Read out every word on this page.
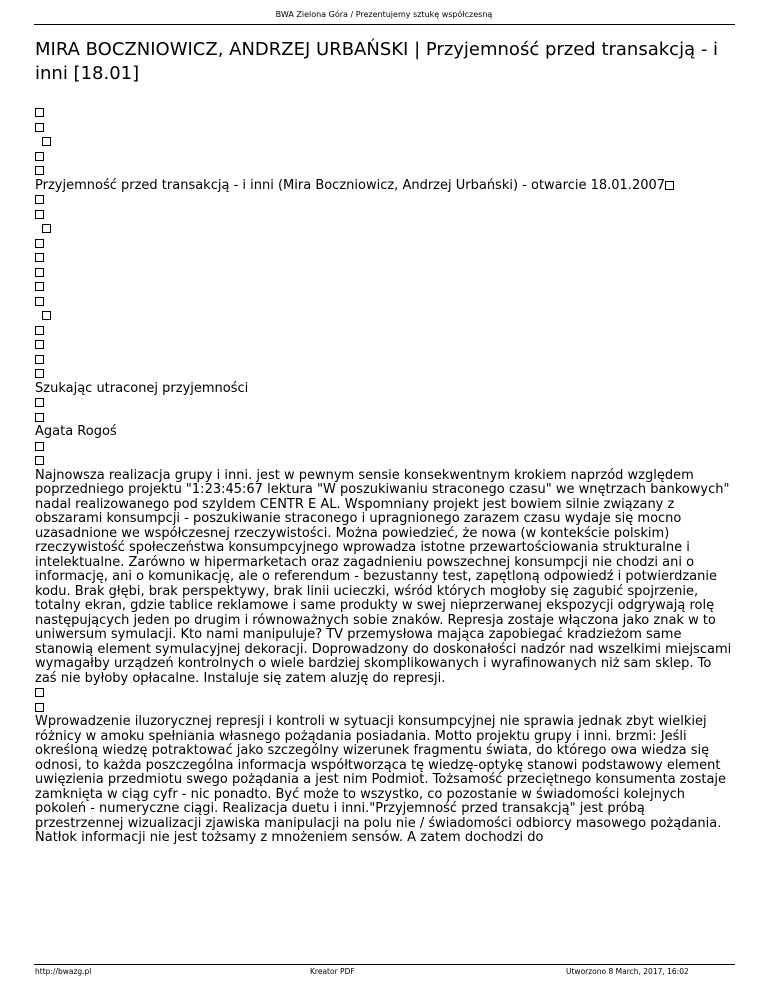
BWA Zielona Góra / Prezentujemy sztukę współczesną
MIRA BOCZNIOWICZ, ANDRZEJ URBAŃSKI | Przyjemność przed transakcją - i inni [18.01]
Przyjemność przed transakcją - i inni (Mira Boczniowicz, Andrzej Urbański) - otwarcie 18.01.2007
Szukając utraconej przyjemności
Agata Rogoś
Najnowsza realizacja grupy i inni. jest w pewnym sensie konsekwentnym krokiem naprzód względem poprzedniego projektu "1:23:45:67 lektura "W poszukiwaniu straconego czasu" we wnętrzach bankowych" nadal realizowanego pod szyldem CENTR E AL. Wspomniany projekt jest bowiem silnie związany z obszarami konsumpcji - poszukiwanie straconego i upragnionego zarazem czasu wydaje się mocno uzasadnione we współczesnej rzeczywistości. Można powiedzieć, że nowa (w kontekście polskim) rzeczywistość społeczeństwa konsumpcyjnego wprowadza istotne przewartościowania strukturalne i intelektualne. Zarówno w hipermarketach oraz zagadnieniu powszechnej konsumpcji nie chodzi ani o informację, ani o komunikację, ale o referendum - bezustanny test, zapętloną odpowiedź i potwierdzanie kodu. Brak głębi, brak perspektywy, brak linii ucieczki, wśród których mogłoby się zagubić spojrzenie, totalny ekran, gdzie tablice reklamowe i same produkty w swej nieprzerwanej ekspozycji odgrywają rolę następujących jeden po drugim i równoważnych sobie znaków. Represja zostaje włączona jako znak w to uniwersum symulacji. Kto nami manipuluje? TV przemysłowa mająca zapobiegać kradzieżom same stanowią element symulacyjnej dekoracji. Doprowadzony do doskonałości nadzór nad wszelkimi miejscami wymagałby urządzeń kontrolnych o wiele bardziej skomplikowanych i wyrafinowanych niż sam sklep. To zaś nie byłoby opłacalne. Instaluje się zatem aluzję do represji.
Wprowadzenie iluzorycznej represji i kontroli w sytuacji konsumpcyjnej nie sprawia jednak zbyt wielkiej różnicy w amoku spełniania własnego pożądania posiadania. Motto projektu grupy i inni. brzmi: Jeśli określoną wiedzę potraktować jako szczególny wizerunek fragmentu świata, do którego owa wiedza się odnosi, to każda poszczególna informacja współtworząca tę wiedzę-optykę stanowi podstawowy element uwięzienia przedmiotu swego pożądania a jest nim Podmiot. Tożsamość przeciętnego konsumenta zostaje zamknięta w ciąg cyfr - nic ponadto. Być może to wszystko, co pozostanie w świadomości kolejnych pokoleń - numeryczne ciągi. Realizacja duetu i inni."Przyjemność przed transakcją" jest próbą przestrzennej wizualizacji zjawiska manipulacji na polu nie / świadomości odbiorcy masowego pożądania. Natłok informacji nie jest tożsamy z mnożeniem sensów. A zatem dochodzi do
http://bwazg.pl	Kreator PDF	Utworzono 8 March, 2017, 16:02
